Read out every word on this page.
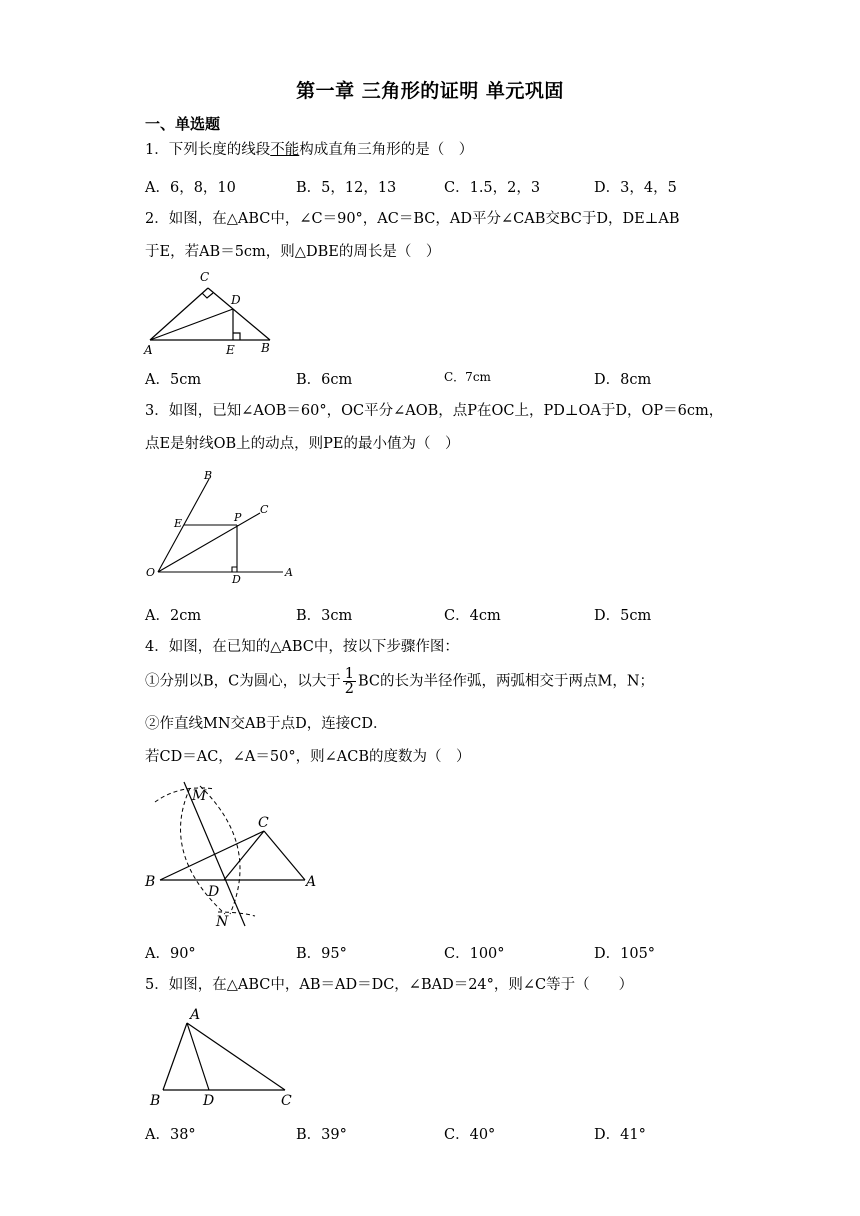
第一章 三角形的证明 单元巩固
一、单选题
1．下列长度的线段不能构成直角三角形的是（　）
A．6，8，10	B．5，12，13	C．1.5，2，3	D．3，4，5
2．如图，在△ABC中，∠C＝90°，AC＝BC，AD平分∠CAB交BC于D，DE⊥AB
于E，若AB＝5cm，则△DBE的周长是（　）
C
D
A	E B
A．5cm	B．6cm	C．7cm	D．8cm
3．如图，已知∠AOB＝60°，OC平分∠AOB，点P在OC上，PD⊥OA于D，OP＝6cm，
点E是射线OB上的动点，则PE的最小值为（　）
B
E	P
C
O
D
A
A．2cm	B．3cm	C．4cm	D．5cm
4．如图，在已知的△ABC中，按以下步骤作图：
①分别以B，C为圆心，以大于 $\frac{1}{2}$ BC的长为半径作弧，两弧相交于两点M，N；
②作直线MN交AB于点D，连接CD．
若CD＝AC，∠A＝50°，则∠ACB的度数为（　）
M
C
B
D
A
N
A．90°	B．95°	C．100°	D．105°
5．如图，在△ABC中，AB＝AD＝DC，∠BAD＝24°，则∠C等于（　　）
A
B	D	C
A．38°	B．39°	C．40°	D．41°
